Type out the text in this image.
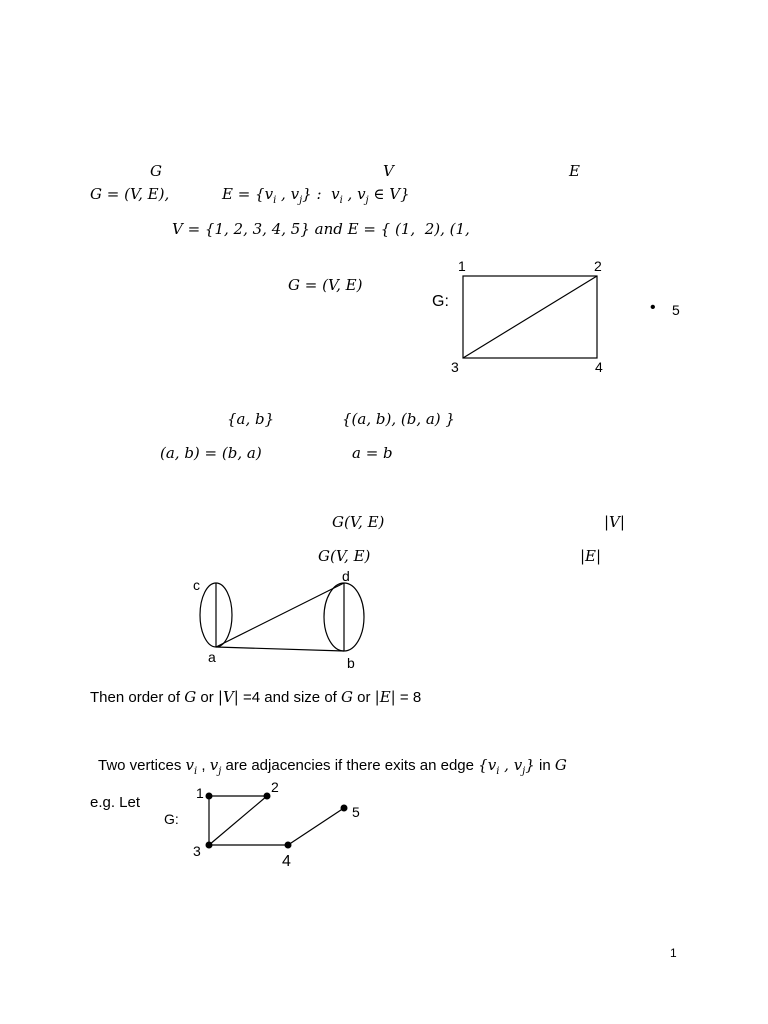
G	V	E
G = (V, E),	$E = \{v_i$ , $v_j$} :  $v_i$ , $v_j$ ∈ V}
V = {1, 2, 3, 4, 5} and E = { (1,  2), (1,
G = (V, E)
G:
1	2
3	4
• 5
{a, b}	{(a, b), (b, a) }
(a, b) = (b, a)	a = b
G(V, E)	|V|
G(V, E)	|E|
c
d
a	b
Then order of G or |V| =4 and size of G or |E| = 8
Two vertices $v_i$ , $v_j$ are adjacencies if there exits an edge {$v_i$ , $v_j$} in G
e.g. Let
G:
1	2
3
4
5
1
